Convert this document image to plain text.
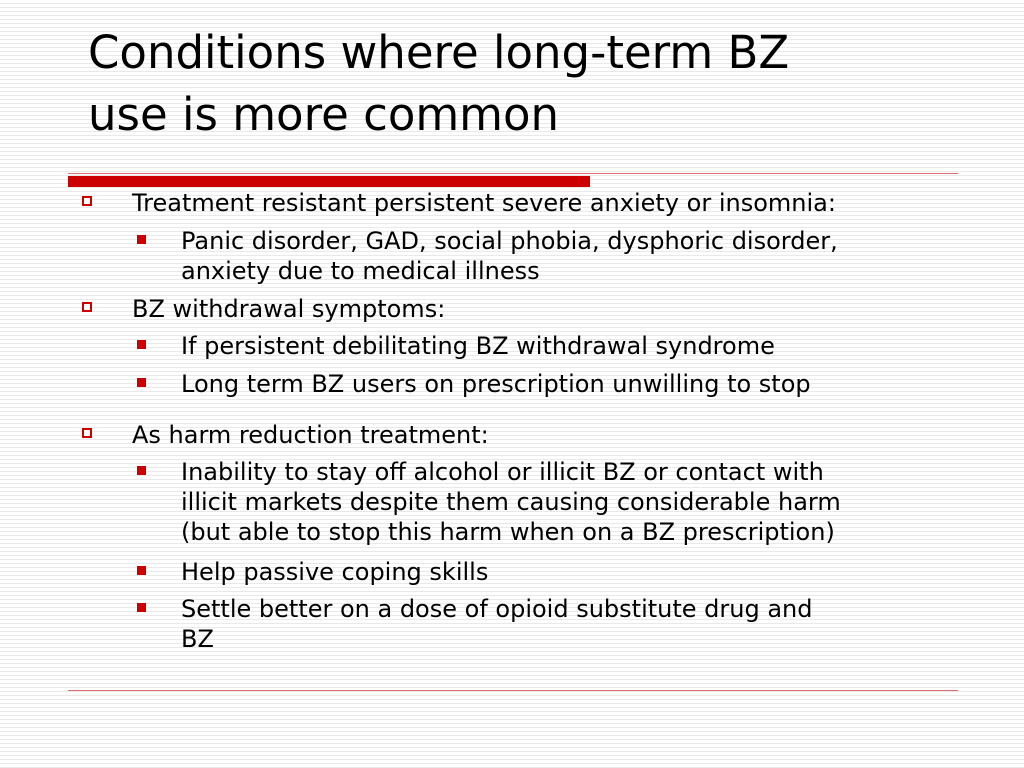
Conditions where long-term BZ
use is more common
Treatment resistant persistent severe anxiety or insomnia:
Panic disorder, GAD, social phobia, dysphoric disorder,
anxiety due to medical illness
BZ withdrawal symptoms:
If persistent debilitating BZ withdrawal syndrome
Long term BZ users on prescription unwilling to stop
As harm reduction treatment:
Inability to stay off alcohol or illicit BZ or contact with
illicit markets despite them causing considerable harm
(but able to stop this harm when on a BZ prescription)
Help passive coping skills
Settle better on a dose of opioid substitute drug and
BZ
